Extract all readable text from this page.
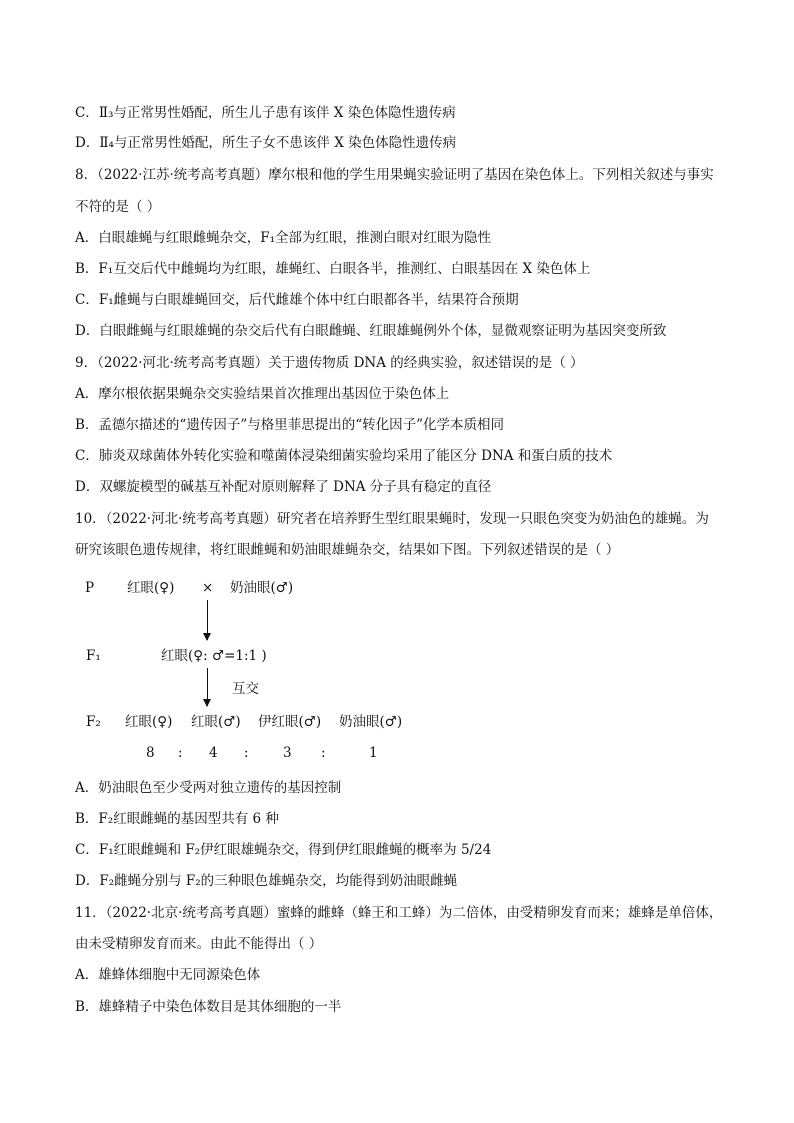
C．Ⅱ₃与正常男性婚配，所生儿子患有该伴 X 染色体隐性遗传病
D．Ⅱ₄与正常男性婚配，所生子女不患该伴 X 染色体隐性遗传病
8．（2022·江苏·统考高考真题）摩尔根和他的学生用果蝇实验证明了基因在染色体上。下列相关叙述与事实
不符的是（ ）
A．白眼雄蝇与红眼雌蝇杂交，F₁全部为红眼，推测白眼对红眼为隐性
B．F₁互交后代中雌蝇均为红眼，雄蝇红、白眼各半，推测红、白眼基因在 X 染色体上
C．F₁雌蝇与白眼雄蝇回交，后代雌雄个体中红白眼都各半，结果符合预期
D．白眼雌蝇与红眼雄蝇的杂交后代有白眼雌蝇、红眼雄蝇例外个体，显微观察证明为基因突变所致
9．（2022·河北·统考高考真题）关于遗传物质 DNA 的经典实验，叙述错误的是（ ）
A．摩尔根依据果蝇杂交实验结果首次推理出基因位于染色体上
B．孟德尔描述的“遗传因子”与格里菲思提出的“转化因子”化学本质相同
C．肺炎双球菌体外转化实验和噬菌体浸染细菌实验均采用了能区分 DNA 和蛋白质的技术
D．双螺旋模型的碱基互补配对原则解释了 DNA 分子具有稳定的直径
10．（2022·河北·统考高考真题）研究者在培养野生型红眼果蝇时，发现一只眼色突变为奶油色的雄蝇。为
研究该眼色遗传规律，将红眼雌蝇和奶油眼雄蝇杂交，结果如下图。下列叙述错误的是（ ）
P 红眼(♀) × 奶油眼(♂)
F₁	红眼(♀: ♂=1:1 )
互交
F₂ 红眼(♀) 红眼(♂) 伊红眼(♂) 奶油眼(♂)
8 : 4 :	3 :	1
A．奶油眼色至少受两对独立遗传的基因控制
B．F₂红眼雌蝇的基因型共有 6 种
C．F₁红眼雌蝇和 F₂伊红眼雄蝇杂交，得到伊红眼雌蝇的概率为 5/24
D．F₂雌蝇分别与 F₂的三种眼色雄蝇杂交，均能得到奶油眼雌蝇
11．（2022·北京·统考高考真题）蜜蜂的雌蜂（蜂王和工蜂）为二倍体，由受精卵发育而来；雄蜂是单倍体，
由未受精卵发育而来。由此不能得出（ ）
A．雄蜂体细胞中无同源染色体
B．雄蜂精子中染色体数目是其体细胞的一半
